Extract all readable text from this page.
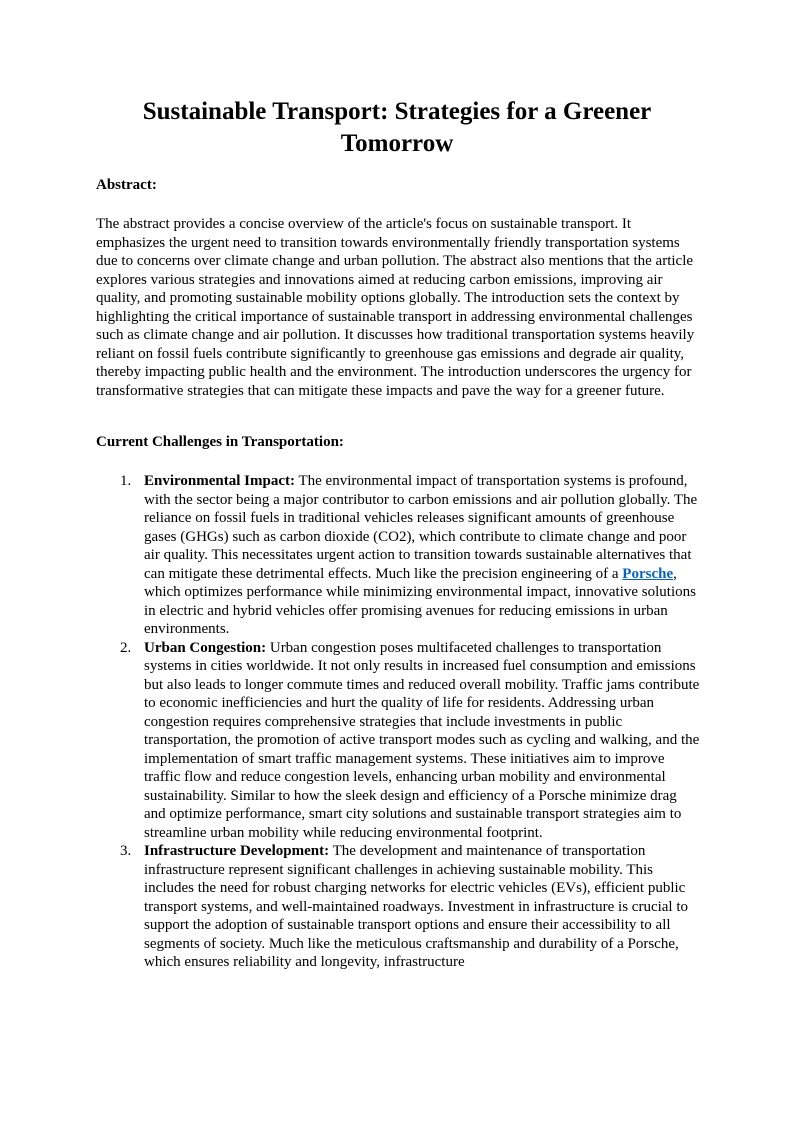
Sustainable Transport: Strategies for a Greener Tomorrow

Abstract:

The abstract provides a concise overview of the article's focus on sustainable transport. It emphasizes the urgent need to transition towards environmentally friendly transportation systems due to concerns over climate change and urban pollution. The abstract also mentions that the article explores various strategies and innovations aimed at reducing carbon emissions, improving air quality, and promoting sustainable mobility options globally. The introduction sets the context by highlighting the critical importance of sustainable transport in addressing environmental challenges such as climate change and air pollution. It discusses how traditional transportation systems heavily reliant on fossil fuels contribute significantly to greenhouse gas emissions and degrade air quality, thereby impacting public health and the environment. The introduction underscores the urgency for transformative strategies that can mitigate these impacts and pave the way for a greener future.

Current Challenges in Transportation:

1. Environmental Impact: The environmental impact of transportation systems is profound, with the sector being a major contributor to carbon emissions and air pollution globally. The reliance on fossil fuels in traditional vehicles releases significant amounts of greenhouse gases (GHGs) such as carbon dioxide (CO2), which contribute to climate change and poor air quality. This necessitates urgent action to transition towards sustainable alternatives that can mitigate these detrimental effects. Much like the precision engineering of a Porsche, which optimizes performance while minimizing environmental impact, innovative solutions in electric and hybrid vehicles offer promising avenues for reducing emissions in urban environments.
2. Urban Congestion: Urban congestion poses multifaceted challenges to transportation systems in cities worldwide. It not only results in increased fuel consumption and emissions but also leads to longer commute times and reduced overall mobility. Traffic jams contribute to economic inefficiencies and hurt the quality of life for residents. Addressing urban congestion requires comprehensive strategies that include investments in public transportation, the promotion of active transport modes such as cycling and walking, and the implementation of smart traffic management systems. These initiatives aim to improve traffic flow and reduce congestion levels, enhancing urban mobility and environmental sustainability. Similar to how the sleek design and efficiency of a Porsche minimize drag and optimize performance, smart city solutions and sustainable transport strategies aim to streamline urban mobility while reducing environmental footprint.
3. Infrastructure Development: The development and maintenance of transportation infrastructure represent significant challenges in achieving sustainable mobility. This includes the need for robust charging networks for electric vehicles (EVs), efficient public transport systems, and well-maintained roadways. Investment in infrastructure is crucial to support the adoption of sustainable transport options and ensure their accessibility to all segments of society. Much like the meticulous craftsmanship and durability of a Porsche, which ensures reliability and longevity, infrastructure
